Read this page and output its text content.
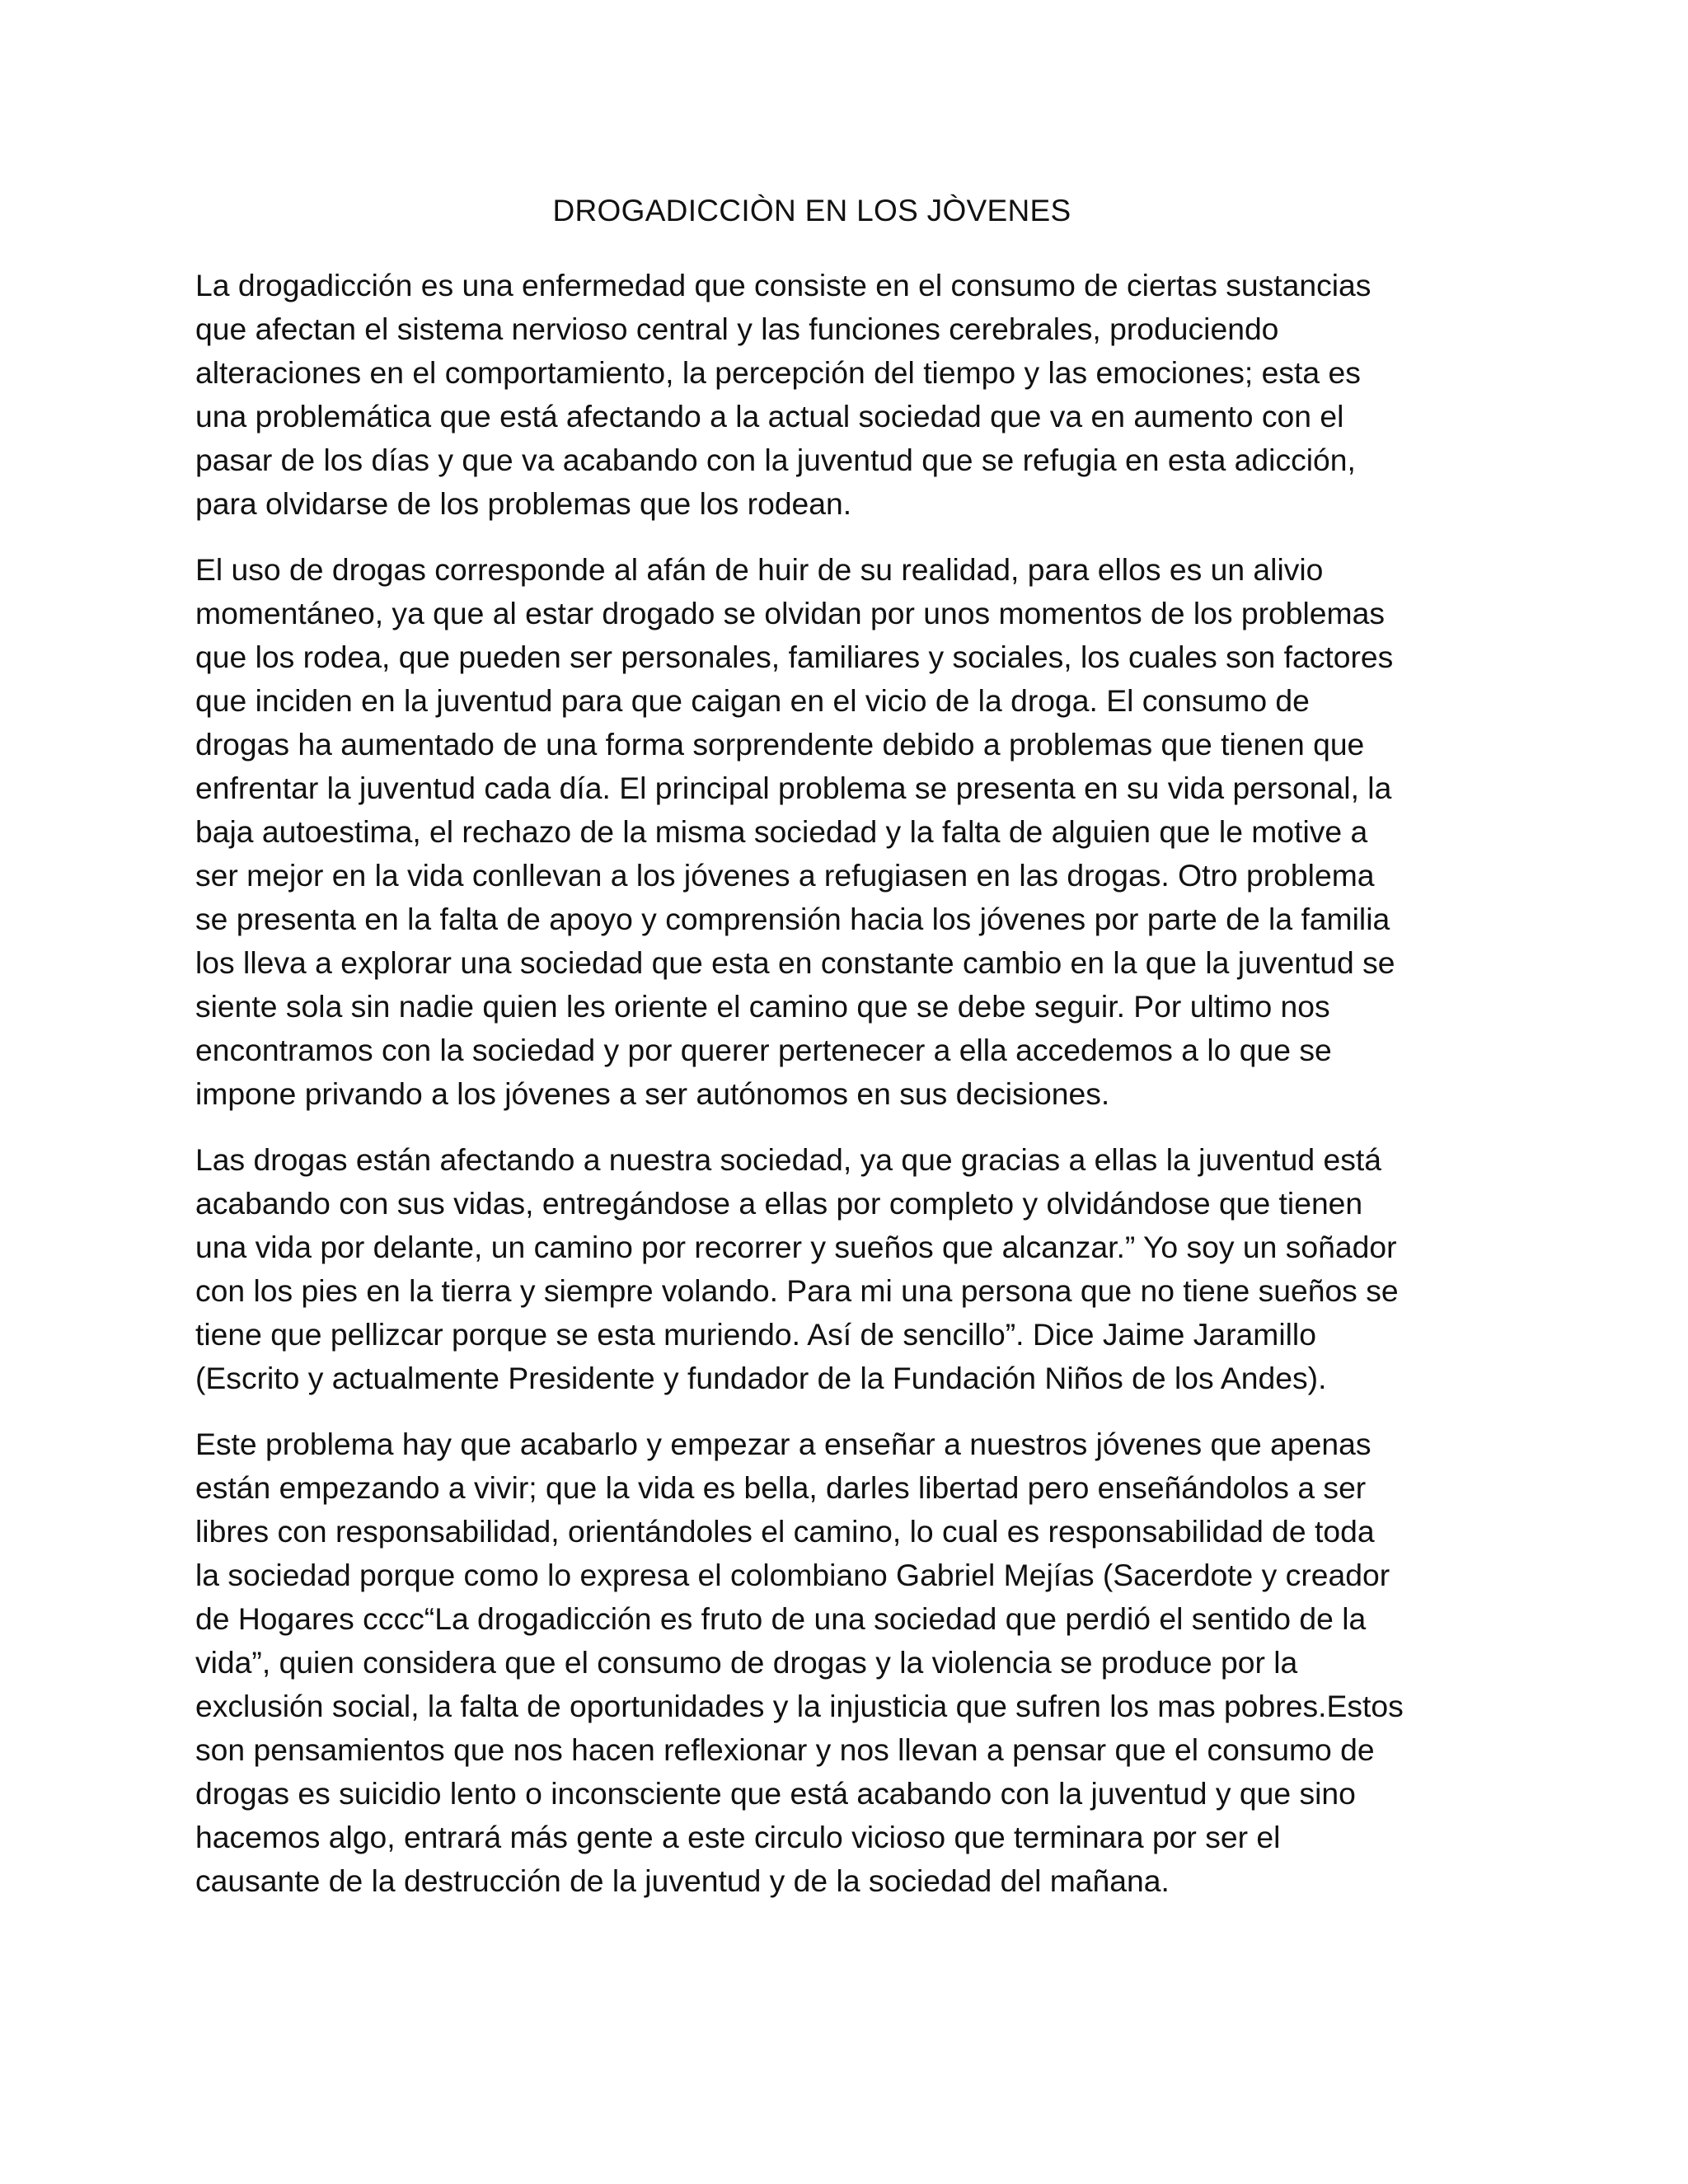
DROGADICCIÒN EN LOS JÒVENES
La drogadicción es una enfermedad que consiste en el consumo de ciertas sustancias
que afectan el sistema nervioso central y las funciones cerebrales, produciendo
alteraciones en el comportamiento, la percepción del tiempo y las emociones; esta es
una problemática que está afectando a la actual sociedad que va en aumento con el
pasar de los días y que va acabando con la juventud que se refugia en esta adicción,
para olvidarse de los problemas que los rodean.
El uso de drogas corresponde al afán de huir de su realidad, para ellos es un alivio
momentáneo, ya que al estar drogado se olvidan por unos momentos de los problemas
que los rodea, que pueden ser personales, familiares y sociales, los cuales son factores
que inciden en la juventud para que caigan en el vicio de la droga. El consumo de
drogas ha aumentado de una forma sorprendente debido a problemas que tienen que
enfrentar la juventud cada día. El principal problema se presenta en su vida personal, la
baja autoestima, el rechazo de la misma sociedad y la falta de alguien que le motive a
ser mejor en la vida conllevan a los jóvenes a refugiasen en las drogas. Otro problema
se presenta en la falta de apoyo y comprensión hacia los jóvenes por parte de la familia
los lleva a explorar una sociedad que esta en constante cambio en la que la juventud se
siente sola sin nadie quien les oriente el camino que se debe seguir. Por ultimo nos
encontramos con la sociedad y por querer pertenecer a ella accedemos a lo que se
impone privando a los jóvenes a ser autónomos en sus decisiones.
Las drogas están afectando a nuestra sociedad, ya que gracias a ellas la juventud está
acabando con sus vidas, entregándose a ellas por completo y olvidándose que tienen
una vida por delante, un camino por recorrer y sueños que alcanzar.” Yo soy un soñador
con los pies en la tierra y siempre volando. Para mi una persona que no tiene sueños se
tiene que pellizcar porque se esta muriendo. Así de sencillo”. Dice Jaime Jaramillo
(Escrito y actualmente Presidente y fundador de la Fundación Niños de los Andes).
Este problema hay que acabarlo y empezar a enseñar a nuestros jóvenes que apenas
están empezando a vivir; que la vida es bella, darles libertad pero enseñándolos a ser
libres con responsabilidad, orientándoles el camino, lo cual es responsabilidad de toda
la sociedad porque como lo expresa el colombiano Gabriel Mejías (Sacerdote y creador
de Hogares cccc“La drogadicción es fruto de una sociedad que perdió el sentido de la
vida”, quien considera que el consumo de drogas y la violencia se produce por la
exclusión social, la falta de oportunidades y la injusticia que sufren los mas pobres.Estos
son pensamientos que nos hacen reflexionar y nos llevan a pensar que el consumo de
drogas es suicidio lento o inconsciente que está acabando con la juventud y que sino
hacemos algo, entrará más gente a este circulo vicioso que terminara por ser el
causante de la destrucción de la juventud y de la sociedad del mañana.
